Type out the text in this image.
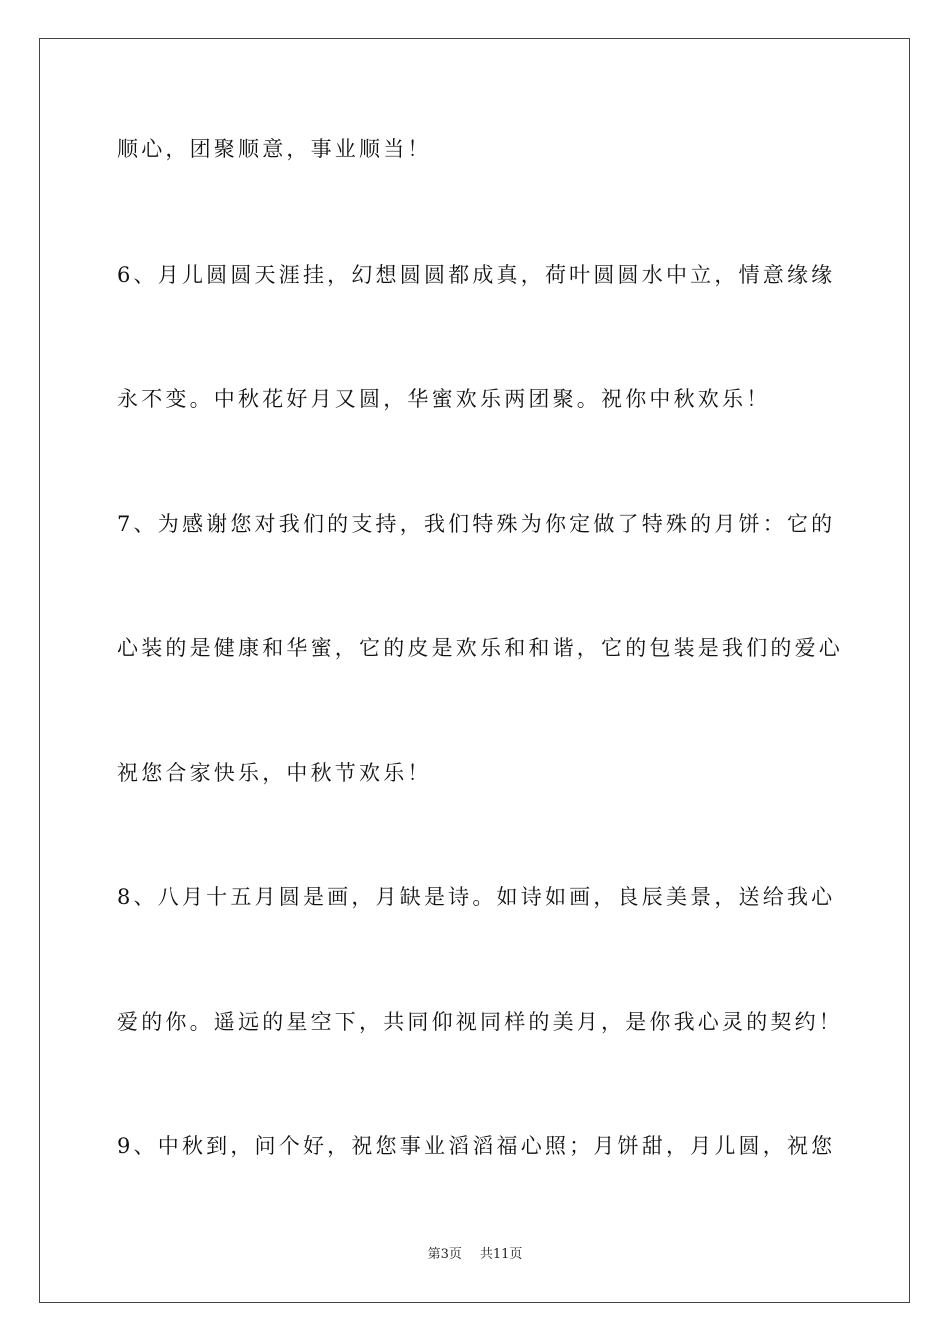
顺心，团聚顺意，事业顺当！
6、月儿圆圆天涯挂，幻想圆圆都成真，荷叶圆圆水中立，情意缘缘
永不变。中秋花好月又圆，华蜜欢乐两团聚。祝你中秋欢乐！
7、为感谢您对我们的支持，我们特殊为你定做了特殊的月饼：它的
心装的是健康和华蜜，它的皮是欢乐和和谐，它的包装是我们的爱心
祝您合家快乐，中秋节欢乐！
8、八月十五月圆是画，月缺是诗。如诗如画，良辰美景，送给我心
爱的你。遥远的星空下，共同仰视同样的美月，是你我心灵的契约！
9、中秋到，问个好，祝您事业滔滔福心照；月饼甜，月儿圆，祝您
第3页 共11页
